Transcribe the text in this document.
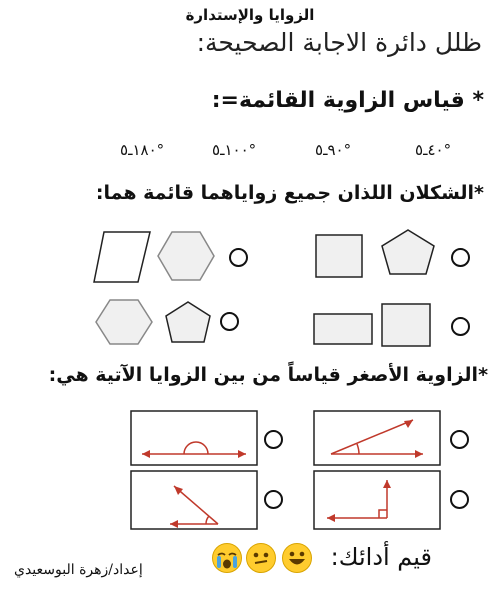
الزوايا والإستدارة
ظلل دائرة الاجابة الصحيحة:
* قياس الزاوية القائمة=:
°٤٠ـ٥
°٩٠ـ٥
°١٠٠ـ٥
°١٨٠ـ٥
*الشكلان اللذان جميع زواياهما قائمة هما:
*الزاوية الأصغر قياساً من بين الزوايا الآتية هي:
قيم أدائك:
إعداد/زهرة البوسعيدي
